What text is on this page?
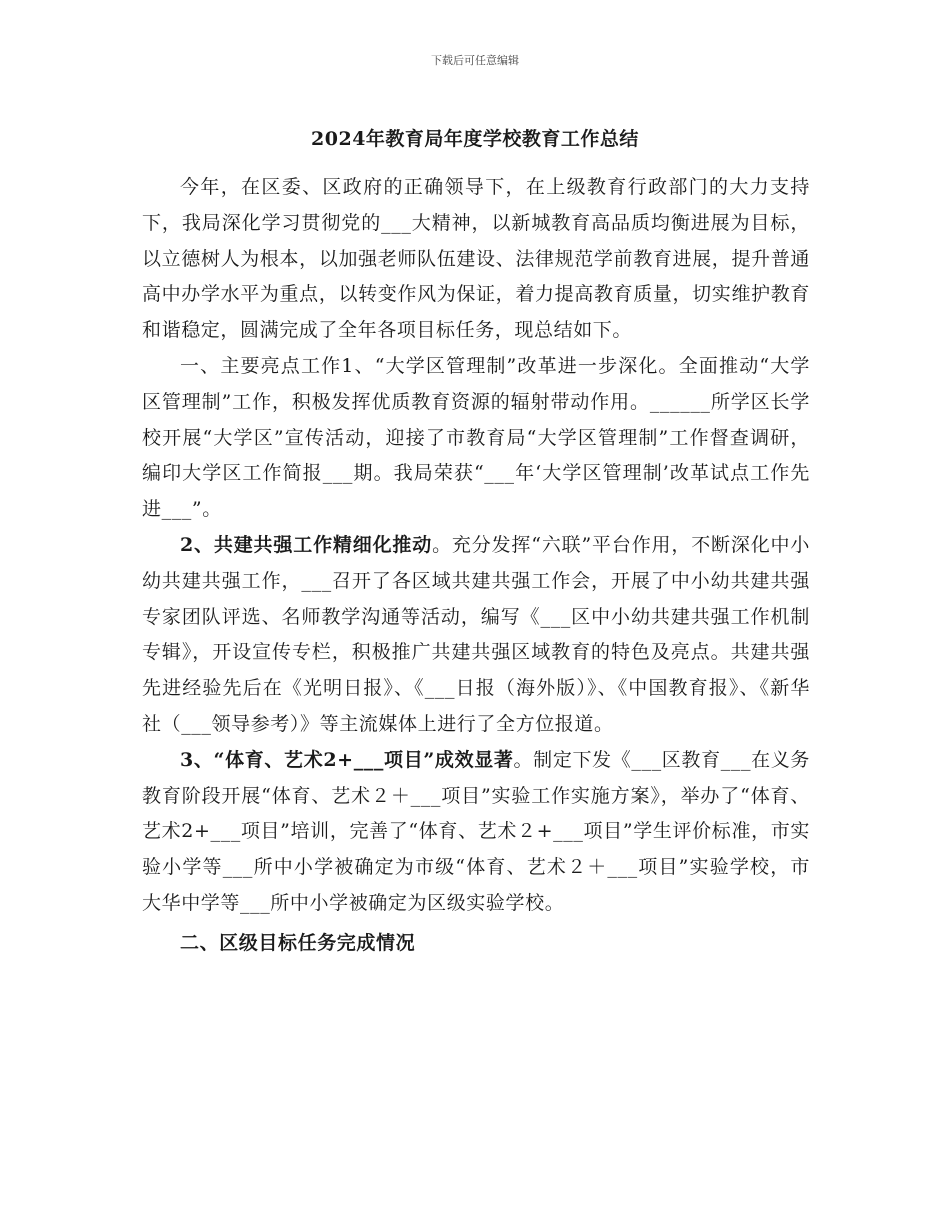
下载后可任意编辑
2024年教育局年度学校教育工作总结

今年，在区委、区政府的正确领导下，在上级教育行政部门的大力支持下，我局深化学习贯彻党的___大精神，以新城教育高品质均衡进展为目标，以立德树人为根本，以加强老师队伍建设、法律规范学前教育进展，提升普通高中办学水平为重点，以转变作风为保证，着力提高教育质量，切实维护教育和谐稳定，圆满完成了全年各项目标任务，现总结如下。

一、主要亮点工作1、“大学区管理制”改革进一步深化。全面推动“大学区管理制”工作，积极发挥优质教育资源的辐射带动作用。______所学区长学校开展“大学区”宣传活动，迎接了市教育局“大学区管理制”工作督查调研，编印大学区工作简报___期。我局荣获“___年‘大学区管理制’改革试点工作先进___”。

2、共建共强工作精细化推动。充分发挥“六联”平台作用，不断深化中小幼共建共强工作，___召开了各区域共建共强工作会，开展了中小幼共建共强专家团队评选、名师教学沟通等活动，编写《___区中小幼共建共强工作机制专辑》，开设宣传专栏，积极推广共建共强区域教育的特色及亮点。共建共强先进经验先后在《光明日报》、《___日报（海外版）》、《中国教育报》、《新华社（___领导参考）》等主流媒体上进行了全方位报道。

3、“体育、艺术2+___项目”成效显著。制定下发《___区教育___在义务教育阶段开展“体育、艺术２＋___项目”实验工作实施方案》，举办了“体育、艺术2+___项目”培训，完善了“体育、艺术２+___项目”学生评价标准，市实验小学等___所中小学被确定为市级“体育、艺术２＋___项目”实验学校，市大华中学等___所中小学被确定为区级实验学校。

二、区级目标任务完成情况
